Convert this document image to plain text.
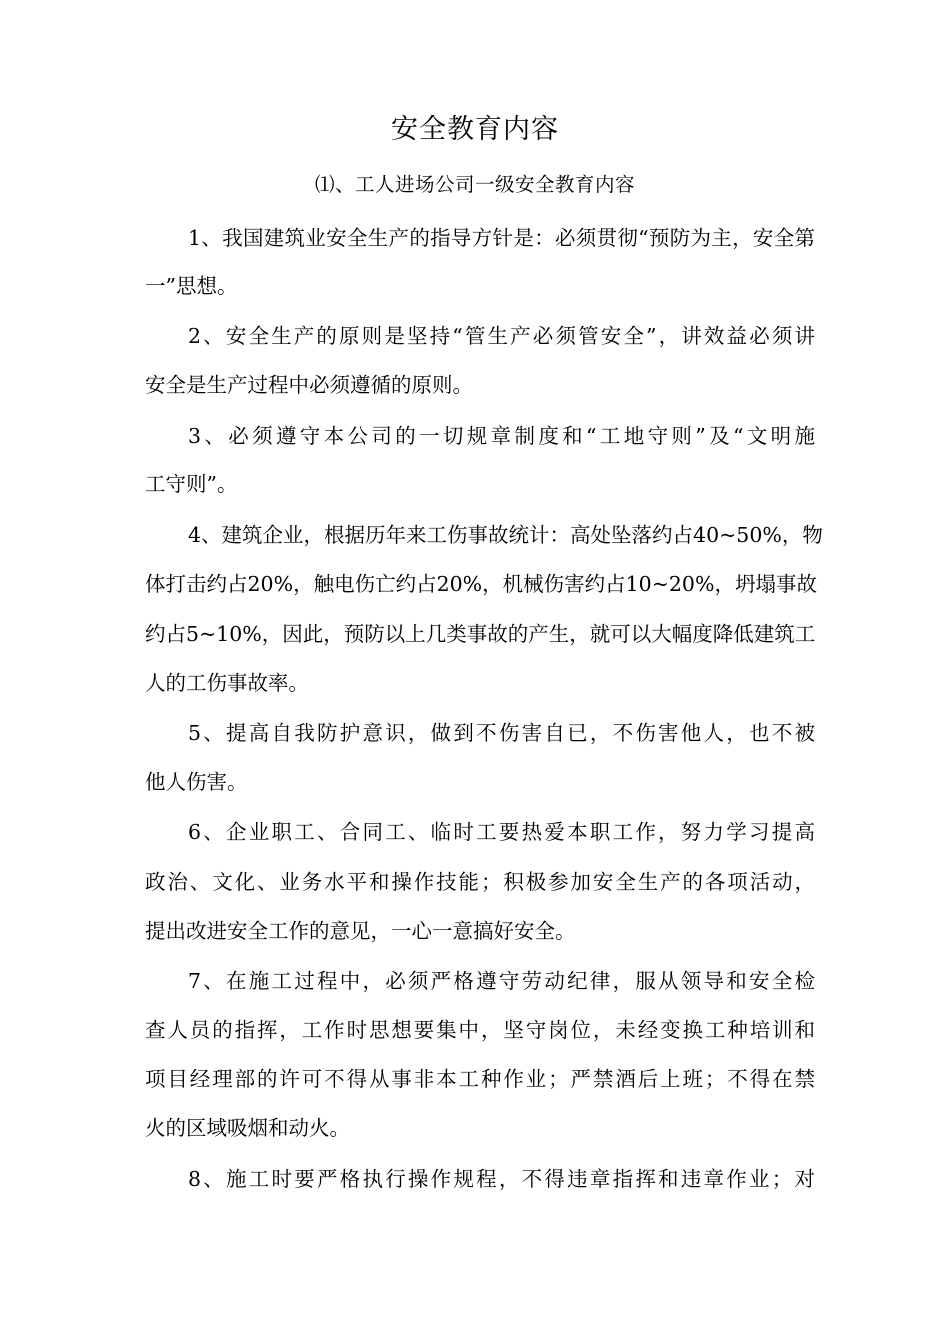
安全教育内容
⑴、工人进场公司一级安全教育内容
1、我国建筑业安全生产的指导方针是：必须贯彻“预防为主，安全第
一”思想。
2、安全生产的原则是坚持“管生产必须管安全”，讲效益必须讲
安全是生产过程中必须遵循的原则。
3、必须遵守本公司的一切规章制度和“工地守则”及“文明施
工守则”。
4、建筑企业，根据历年来工伤事故统计：高处坠落约占40~50%，物
体打击约占20%，触电伤亡约占20%，机械伤害约占10~20%，坍塌事故
约占5~10%，因此，预防以上几类事故的产生，就可以大幅度降低建筑工
人的工伤事故率。
5、提高自我防护意识，做到不伤害自已，不伤害他人，也不被
他人伤害。
6、企业职工、合同工、临时工要热爱本职工作，努力学习提高
政治、文化、业务水平和操作技能；积极参加安全生产的各项活动，
提出改进安全工作的意见，一心一意搞好安全。
7、在施工过程中，必须严格遵守劳动纪律，服从领导和安全检
查人员的指挥，工作时思想要集中，坚守岗位，未经变换工种培训和
项目经理部的许可不得从事非本工种作业；严禁酒后上班；不得在禁
火的区域吸烟和动火。
8、施工时要严格执行操作规程，不得违章指挥和违章作业；对
